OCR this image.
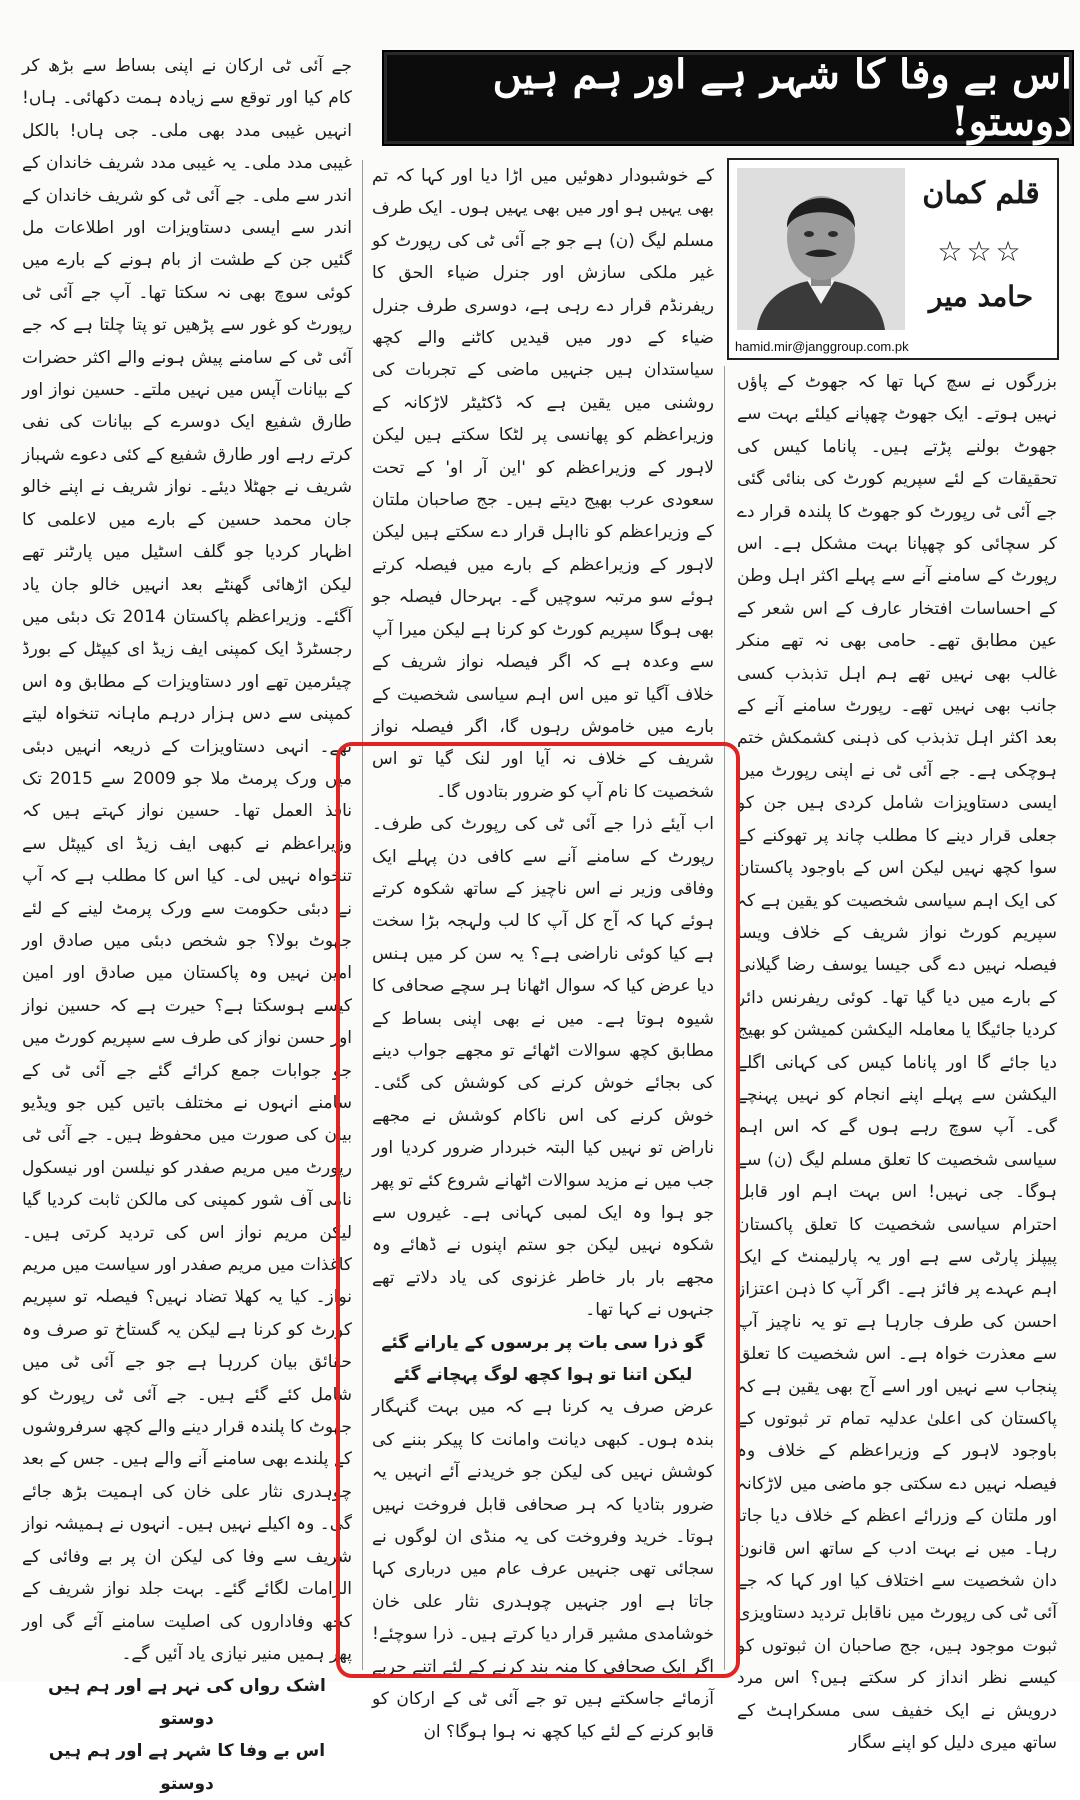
اس بے وفا کا شہر ہے اور ہم ہیں دوستو!
hamid.mir@janggroup.com.pk
قلم کمان
☆☆☆
حامد میر

بزرگوں نے سچ کہا تھا کہ جھوٹ کے پاؤں نہیں ہوتے۔ ایک جھوٹ چھپانے کیلئے بہت سے جھوٹ بولنے پڑتے ہیں۔ پاناما کیس کی تحقیقات کے لئے سپریم کورٹ کی بنائی گئی جے آئی ٹی رپورٹ کو جھوٹ کا پلندہ قرار دے کر سچائی کو چھپانا بہت مشکل ہے۔ اس رپورٹ کے سامنے آنے سے پہلے اکثر اہل وطن کے احساسات افتخار عارف کے اس شعر کے عین مطابق تھے۔ حامی بھی نہ تھے منکر غالب بھی نہیں تھے ہم اہل تذبذب کسی جانب بھی نہیں تھے۔ رپورٹ سامنے آنے کے بعد اکثر اہل تذبذب کی ذہنی کشمکش ختم ہوچکی ہے۔ جے آئی ٹی نے اپنی رپورٹ میں ایسی دستاویزات شامل کردی ہیں جن کو جعلی قرار دینے کا مطلب چاند پر تھوکنے کے سوا کچھ نہیں لیکن اس کے باوجود پاکستان کی ایک اہم سیاسی شخصیت کو یقین ہے کہ سپریم کورٹ نواز شریف کے خلاف ویسا فیصلہ نہیں دے گی جیسا یوسف رضا گیلانی کے بارے میں دیا گیا تھا۔ کوئی ریفرنس دائر کردیا جائیگا یا معاملہ الیکشن کمیشن کو بھیج دیا جائے گا اور پاناما کیس کی کہانی اگلے الیکشن سے پہلے اپنے انجام کو نہیں پہنچے گی۔ آپ سوچ رہے ہوں گے کہ اس اہم سیاسی شخصیت کا تعلق مسلم لیگ (ن) سے ہوگا۔ جی نہیں! اس بہت اہم اور قابل احترام سیاسی شخصیت کا تعلق پاکستان پیپلز پارٹی سے ہے اور یہ پارلیمنٹ کے ایک اہم عہدے پر فائز ہے۔ اگر آپ کا ذہن اعتزاز احسن کی طرف جارہا ہے تو یہ ناچیز آپ سے معذرت خواہ ہے۔ اس شخصیت کا تعلق پنجاب سے نہیں اور اسے آج بھی یقین ہے کہ پاکستان کی اعلیٰ عدلیہ تمام تر ثبوتوں کے باوجود لاہور کے وزیراعظم کے خلاف وہ فیصلہ نہیں دے سکتی جو ماضی میں لاڑکانہ اور ملتان کے وزرائے اعظم کے خلاف دیا جاتا رہا۔ میں نے بہت ادب کے ساتھ اس قانون دان شخصیت سے اختلاف کیا اور کہا کہ جے آئی ٹی کی رپورٹ میں ناقابل تردید دستاویزی ثبوت موجود ہیں، جج صاحبان ان ثبوتوں کو کیسے نظر انداز کر سکتے ہیں؟ اس مرد درویش نے ایک خفیف سی مسکراہٹ کے ساتھ میری دلیل کو اپنے سگار

کے خوشبودار دھوئیں میں اڑا دیا اور کہا کہ تم بھی یہیں ہو اور میں بھی یہیں ہوں۔ ایک طرف مسلم لیگ (ن) ہے جو جے آئی ٹی کی رپورٹ کو غیر ملکی سازش اور جنرل ضیاء الحق کا ریفرنڈم قرار دے رہی ہے، دوسری طرف جنرل ضیاء کے دور میں قیدیں کاٹنے والے کچھ سیاستدان ہیں جنہیں ماضی کے تجربات کی روشنی میں یقین ہے کہ ڈکٹیٹر لاڑکانہ کے وزیراعظم کو پھانسی پر لٹکا سکتے ہیں لیکن لاہور کے وزیراعظم کو 'این آر او' کے تحت سعودی عرب بھیج دیتے ہیں۔ جج صاحبان ملتان کے وزیراعظم کو نااہل قرار دے سکتے ہیں لیکن لاہور کے وزیراعظم کے بارے میں فیصلہ کرتے ہوئے سو مرتبہ سوچیں گے۔ بہرحال فیصلہ جو بھی ہوگا سپریم کورٹ کو کرنا ہے لیکن میرا آپ سے وعدہ ہے کہ اگر فیصلہ نواز شریف کے خلاف آگیا تو میں اس اہم سیاسی شخصیت کے بارے میں خاموش رہوں گا، اگر فیصلہ نواز شریف کے خلاف نہ آیا اور لنک گیا تو اس شخصیت کا نام آپ کو ضرور بتادوں گا۔

اب آیئے ذرا جے آئی ٹی کی رپورٹ کی طرف۔ رپورٹ کے سامنے آنے سے کافی دن پہلے ایک وفاقی وزیر نے اس ناچیز کے ساتھ شکوہ کرتے ہوئے کہا کہ آج کل آپ کا لب ولہجہ بڑا سخت ہے کیا کوئی ناراضی ہے؟ یہ سن کر میں ہنس دیا عرض کیا کہ سوال اٹھانا ہر سچے صحافی کا شیوہ ہوتا ہے۔ میں نے بھی اپنی بساط کے مطابق کچھ سوالات اٹھائے تو مجھے جواب دینے کی بجائے خوش کرنے کی کوشش کی گئی۔ خوش کرنے کی اس ناکام کوشش نے مجھے ناراض تو نہیں کیا البتہ خبردار ضرور کردیا اور جب میں نے مزید سوالات اٹھانے شروع کئے تو پھر جو ہوا وہ ایک لمبی کہانی ہے۔ غیروں سے شکوہ نہیں لیکن جو ستم اپنوں نے ڈھائے وہ مجھے بار بار خاطر غزنوی کی یاد دلاتے تھے جنہوں نے کہا تھا۔

گو ذرا سی بات پر برسوں کے یارانے گئے

لیکن اتنا تو ہوا کچھ لوگ پہچانے گئے

عرض صرف یہ کرنا ہے کہ میں بہت گنہگار بندہ ہوں۔ کبھی دیانت وامانت کا پیکر بننے کی کوشش نہیں کی لیکن جو خریدنے آئے انہیں یہ ضرور بتادیا کہ ہر صحافی قابل فروخت نہیں ہوتا۔ خرید وفروخت کی یہ منڈی ان لوگوں نے سجائی تھی جنہیں عرف عام میں درباری کہا جاتا ہے اور جنہیں چوہدری نثار علی خان خوشامدی مشیر قرار دیا کرتے ہیں۔ ذرا سوچئے! اگر ایک صحافی کا منہ بند کرنے کے لئے اتنے حربے آزمائے جاسکتے ہیں تو جے آئی ٹی کے ارکان کو قابو کرنے کے لئے کیا کچھ نہ ہوا ہوگا؟ ان

جے آئی ٹی ارکان نے اپنی بساط سے بڑھ کر کام کیا اور توقع سے زیادہ ہمت دکھائی۔ ہاں! انہیں غیبی مدد بھی ملی۔ جی ہاں! بالکل غیبی مدد ملی۔ یہ غیبی مدد شریف خاندان کے اندر سے ملی۔ جے آئی ٹی کو شریف خاندان کے اندر سے ایسی دستاویزات اور اطلاعات مل گئیں جن کے طشت از بام ہونے کے بارے میں کوئی سوچ بھی نہ سکتا تھا۔ آپ جے آئی ٹی رپورٹ کو غور سے پڑھیں تو پتا چلتا ہے کہ جے آئی ٹی کے سامنے پیش ہونے والے اکثر حضرات کے بیانات آپس میں نہیں ملتے۔ حسین نواز اور طارق شفیع ایک دوسرے کے بیانات کی نفی کرتے رہے اور طارق شفیع کے کئی دعوے شہباز شریف نے جھٹلا دیئے۔ نواز شریف نے اپنے خالو جان محمد حسین کے بارے میں لاعلمی کا اظہار کردیا جو گلف اسٹیل میں پارٹنر تھے لیکن اڑھائی گھنٹے بعد انہیں خالو جان یاد آگئے۔ وزیراعظم پاکستان 2014 تک دبئی میں رجسٹرڈ ایک کمپنی ایف زیڈ ای کیپٹل کے بورڈ چیئرمین تھے اور دستاویزات کے مطابق وہ اس کمپنی سے دس ہزار درہم ماہانہ تنخواہ لیتے تھے۔ انہی دستاویزات کے ذریعہ انہیں دبئی میں ورک پرمٹ ملا جو 2009 سے 2015 تک نافذ العمل تھا۔ حسین نواز کہتے ہیں کہ وزیراعظم نے کبھی ایف زیڈ ای کیپٹل سے تنخواہ نہیں لی۔ کیا اس کا مطلب ہے کہ آپ نے دبئی حکومت سے ورک پرمٹ لینے کے لئے جھوٹ بولا؟ جو شخص دبئی میں صادق اور امین نہیں وہ پاکستان میں صادق اور امین کیسے ہوسکتا ہے؟ حیرت ہے کہ حسین نواز اور حسن نواز کی طرف سے سپریم کورٹ میں جو جوابات جمع کرائے گئے جے آئی ٹی کے سامنے انہوں نے مختلف باتیں کیں جو ویڈیو بیان کی صورت میں محفوظ ہیں۔ جے آئی ٹی رپورٹ میں مریم صفدر کو نیلسن اور نیسکول نامی آف شور کمپنی کی مالکن ثابت کردیا گیا لیکن مریم نواز اس کی تردید کرتی ہیں۔ کاغذات میں مریم صفدر اور سیاست میں مریم نواز۔ کیا یہ کھلا تضاد نہیں؟ فیصلہ تو سپریم کورٹ کو کرنا ہے لیکن یہ گستاخ تو صرف وہ حقائق بیان کررہا ہے جو جے آئی ٹی میں شامل کئے گئے ہیں۔ جے آئی ٹی رپورٹ کو جھوٹ کا پلندہ قرار دینے والے کچھ سرفروشوں کے پلندے بھی سامنے آنے والے ہیں۔ جس کے بعد چوہدری نثار علی خان کی اہمیت بڑھ جائے گی۔ وہ اکیلے نہیں ہیں۔ انہوں نے ہمیشہ نواز شریف سے وفا کی لیکن ان پر بے وفائی کے الزامات لگائے گئے۔ بہت جلد نواز شریف کے کچھ وفاداروں کی اصلیت سامنے آئے گی اور پھر ہمیں منیر نیازی یاد آئیں گے۔

اشک رواں کی نہر ہے اور ہم ہیں دوستو

اس بے وفا کا شہر ہے اور ہم ہیں دوستو
